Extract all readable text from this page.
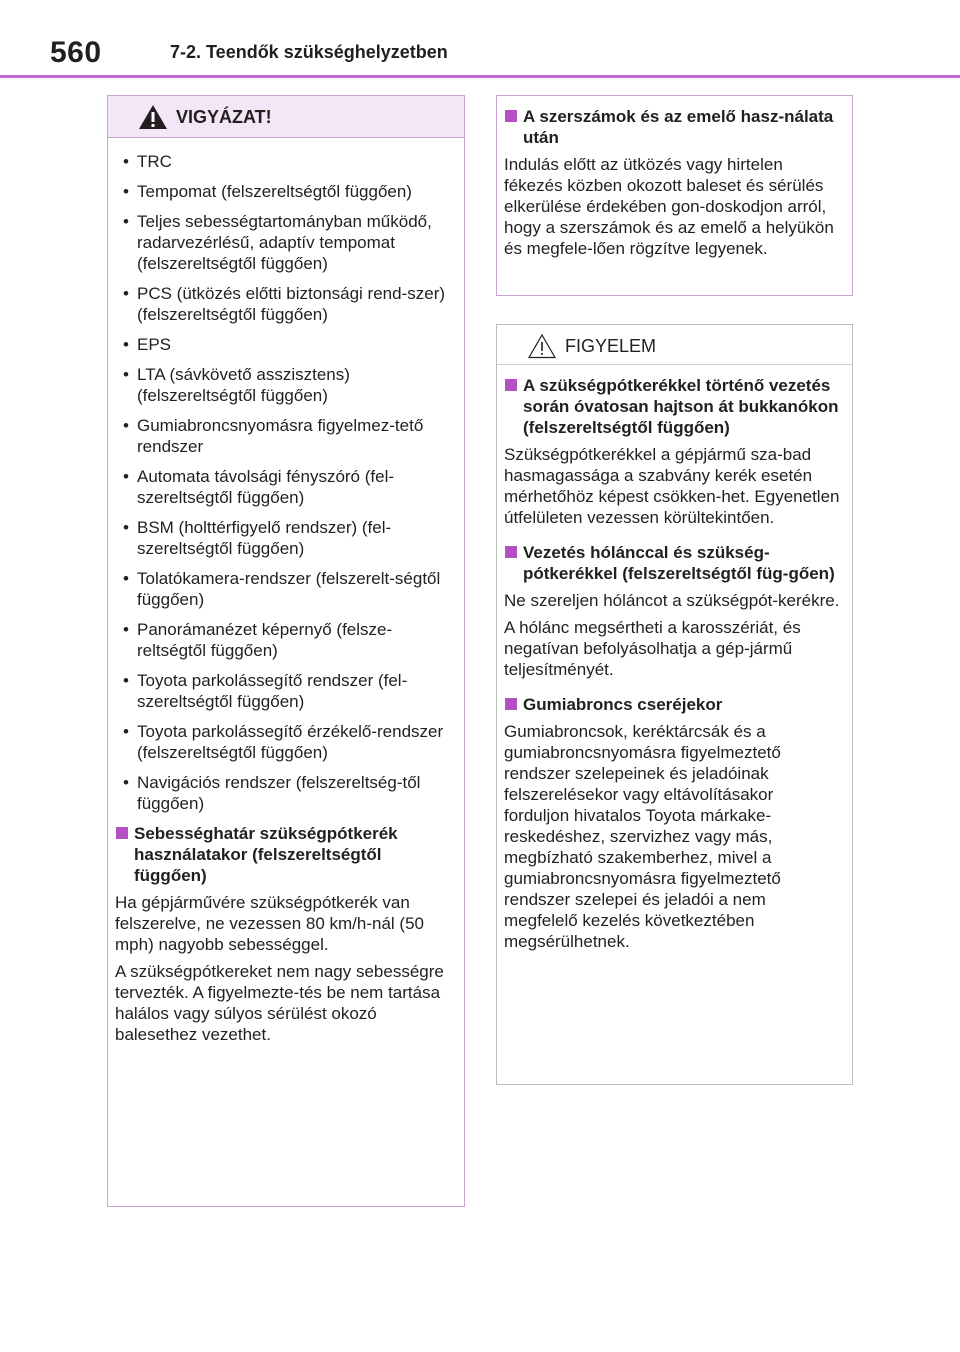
560	7-2. Teendők szükséghelyzetben
VIGYÁZAT!
• TRC
• Tempomat (felszereltségtől függően)
• Teljes sebességtartományban működő, radarvezérlésű, adaptív tempomat (felszereltségtől függően)
• PCS (ütközés előtti biztonsági rend-szer) (felszereltségtől függően)
• EPS
• LTA (sávkövető asszisztens) (felszereltségtől függően)
• Gumiabroncsnyomásra figyelmez-tető rendszer
• Automata távolsági fényszóró (fel-szereltségtől függően)
• BSM (holttérfigyelő rendszer) (fel-szereltségtől függően)
• Tolatókamera-rendszer (felszerelt-ségtől függően)
• Panorámanézet képernyő (felsze-reltségtől függően)
• Toyota parkolássegítő rendszer (fel-szereltségtől függően)
• Toyota parkolássegítő érzékelő-rendszer (felszereltségtől függően)
• Navigációs rendszer (felszereltség-től függően)
Sebességhatár szükségpótkerék használatakor (felszereltségtől függően)

Ha gépjárművére szükségpótkerék van felszerelve, ne vezessen 80 km/h-nál (50 mph) nagyobb sebességgel.

A szükségpótkereket nem nagy sebességre tervezték. A figyelmezte-tés be nem tartása halálos vagy súlyos sérülést okozó balesethez vezethet.

A szerszámok és az emelő hasz-nálata után

Indulás előtt az ütközés vagy hirtelen fékezés közben okozott baleset és sérülés elkerülése érdekében gon-doskodjon arról, hogy a szerszámok és az emelő a helyükön és megfele-lően rögzítve legyenek.

FIGYELEM
A szükségpótkerékkel történő vezetés során óvatosan hajtson át bukkanókon (felszereltségtől függően)

Szükségpótkerékkel a gépjármű sza-bad hasmagassága a szabvány kerék esetén mérhetőhöz képest csökken-het. Egyenetlen útfelületen vezessen körültekintően.

Vezetés hólánccal és szükség-pótkerékkel (felszereltségtől füg-gően)

Ne szereljen hóláncot a szükségpót-kerékre.

A hólánc megsértheti a karosszériát, és negatívan befolyásolhatja a gép-jármű teljesítményét.

Gumiabroncs cseréjekor

Gumiabroncsok, keréktárcsák és a gumiabroncsnyomásra figyelmeztető rendszer szelepeinek és jeladóinak felszerelésekor vagy eltávolításakor forduljon hivatalos Toyota márkake-reskedéshez, szervizhez vagy más, megbízható szakemberhez, mivel a gumiabroncsnyomásra figyelmeztető rendszer szelepei és jeladói a nem megfelelő kezelés következtében megsérülhetnek.
